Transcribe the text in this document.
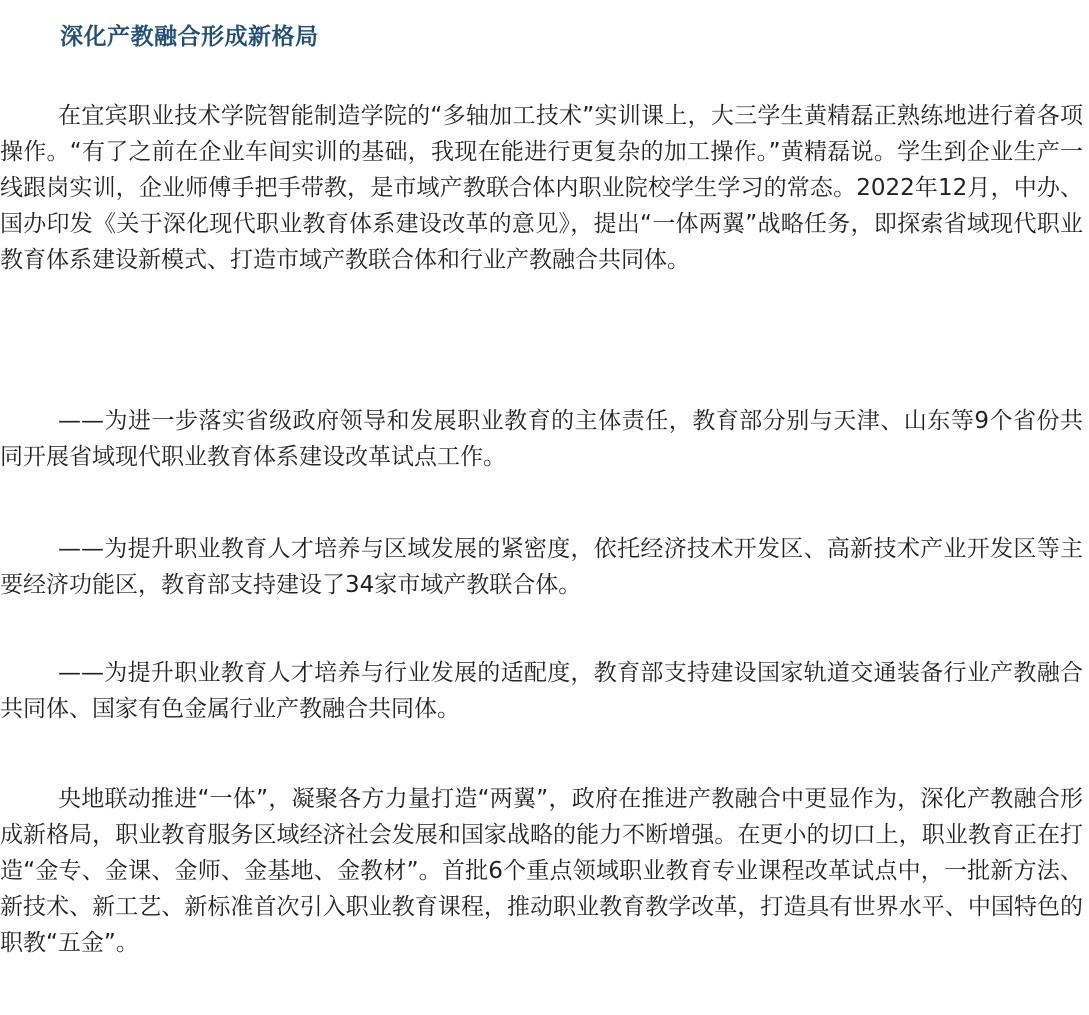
深化产教融合形成新格局

在宜宾职业技术学院智能制造学院的“多轴加工技术”实训课上，大三学生黄精磊正熟练地进行着各项操作。“有了之前在企业车间实训的基础，我现在能进行更复杂的加工操作。”黄精磊说。学生到企业生产一线跟岗实训，企业师傅手把手带教，是市域产教联合体内职业院校学生学习的常态。2022年12月，中办、国办印发《关于深化现代职业教育体系建设改革的意见》，提出“一体两翼”战略任务，即探索省域现代职业教育体系建设新模式、打造市域产教联合体和行业产教融合共同体。

——为进一步落实省级政府领导和发展职业教育的主体责任，教育部分别与天津、山东等9个省份共同开展省域现代职业教育体系建设改革试点工作。

——为提升职业教育人才培养与区域发展的紧密度，依托经济技术开发区、高新技术产业开发区等主要经济功能区，教育部支持建设了34家市域产教联合体。

——为提升职业教育人才培养与行业发展的适配度，教育部支持建设国家轨道交通装备行业产教融合共同体、国家有色金属行业产教融合共同体。

央地联动推进“一体”，凝聚各方力量打造“两翼”，政府在推进产教融合中更显作为，深化产教融合形成新格局，职业教育服务区域经济社会发展和国家战略的能力不断增强。在更小的切口上，职业教育正在打造“金专、金课、金师、金基地、金教材”。首批6个重点领域职业教育专业课程改革试点中，一批新方法、新技术、新工艺、新标准首次引入职业教育课程，推动职业教育教学改革，打造具有世界水平、中国特色的职教“五金”。
